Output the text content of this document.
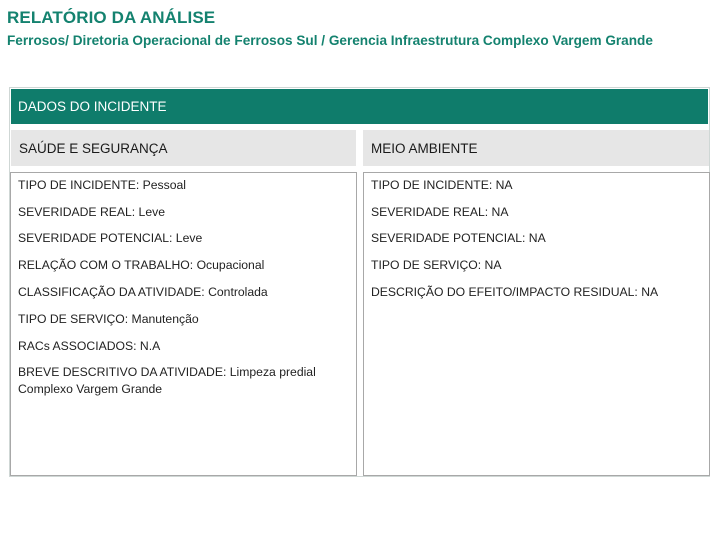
RELATÓRIO DA ANÁLISE
Ferrosos/ Diretoria Operacional de Ferrosos Sul / Gerencia Infraestrutura Complexo Vargem Grande
DADOS DO INCIDENTE
SAÚDE E SEGURANÇA
TIPO DE INCIDENTE: Pessoal
SEVERIDADE REAL: Leve
SEVERIDADE POTENCIAL: Leve
RELAÇÃO COM O TRABALHO: Ocupacional
CLASSIFICAÇÃO DA ATIVIDADE: Controlada
TIPO DE SERVIÇO: Manutenção
RACs ASSOCIADOS: N.A
BREVE DESCRITIVO DA ATIVIDADE: Limpeza predial
Complexo Vargem Grande
MEIO AMBIENTE
TIPO DE INCIDENTE: NA
SEVERIDADE REAL: NA
SEVERIDADE POTENCIAL: NA
TIPO DE SERVIÇO: NA
DESCRIÇÃO DO EFEITO/IMPACTO RESIDUAL: NA
